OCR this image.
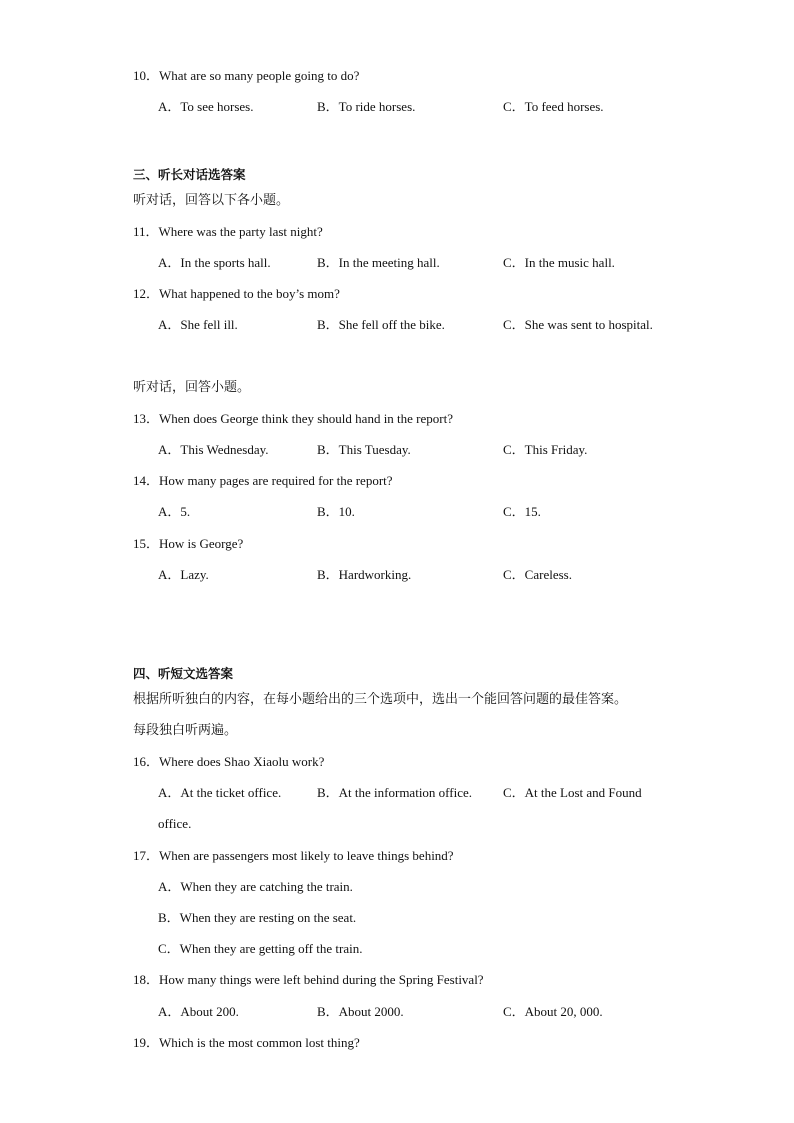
10．What are so many people going to do?
A．To see horses.	B．To ride horses.	C．To feed horses.
三、听长对话选答案
听对话，回答以下各小题。
11．Where was the party last night?
A．In the sports hall.	B．In the meeting hall.	C．In the music hall.
12．What happened to the boy’s mom?
A．She fell ill.	B．She fell off the bike.	C．She was sent to hospital.
听对话，回答小题。
13．When does George think they should hand in the report?
A．This Wednesday.	B．This Tuesday.	C．This Friday.
14．How many pages are required for the report?
A．5.	B．10.	C．15.
15．How is George?
A．Lazy.	B．Hardworking.	C．Careless.
四、听短文选答案
根据所听独白的内容，在每小题给出的三个选项中，选出一个能回答问题的最佳答案。
每段独白听两遍。
16．Where does Shao Xiaolu work?
A．At the ticket office.	B．At the information office. C．At the Lost and Found
office.
17．When are passengers most likely to leave things behind?
A．When they are catching the train.
B．When they are resting on the seat.
C．When they are getting off the train.
18．How many things were left behind during the Spring Festival?
A．About 200.	B．About 2000.	C．About 20, 000.
19．Which is the most common lost thing?
